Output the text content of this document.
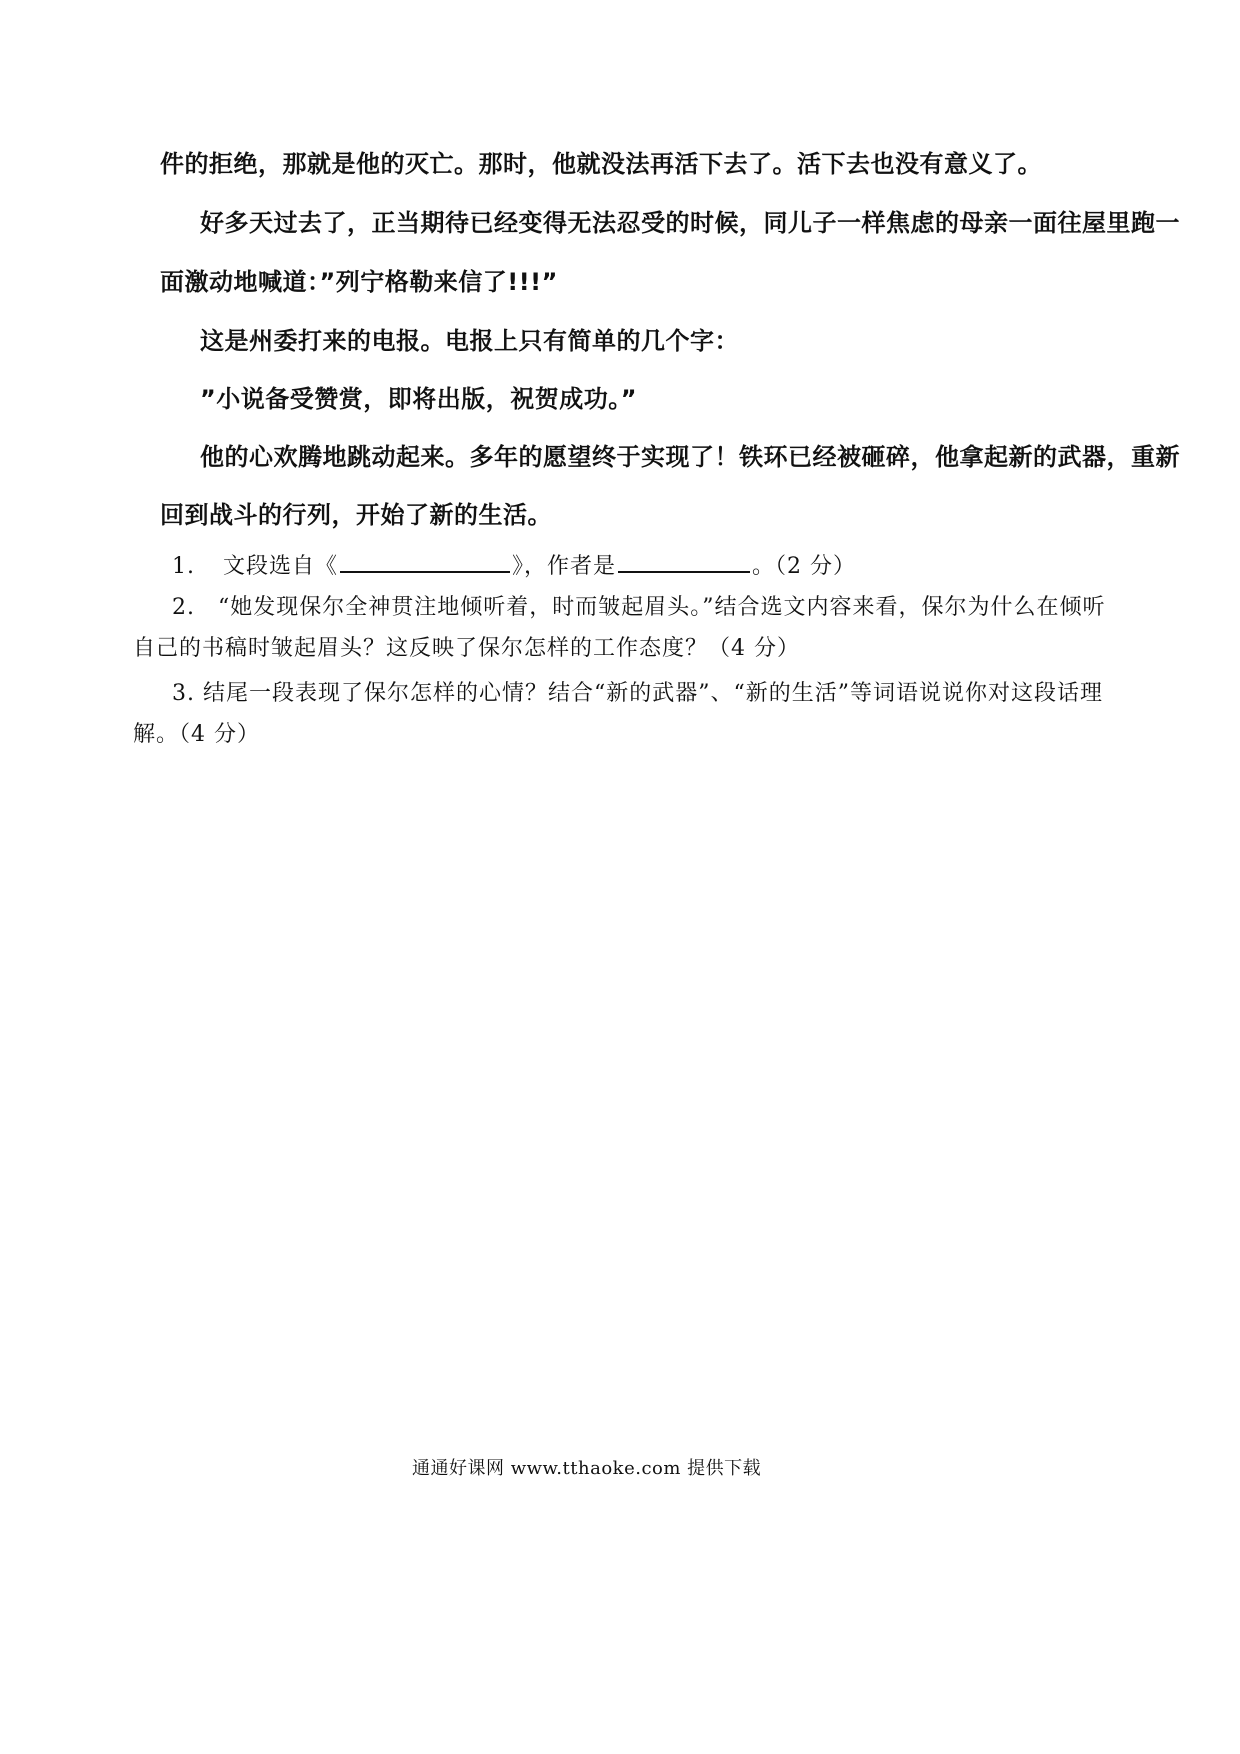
件的拒绝，那就是他的灭亡。那时，他就没法再活下去了。活下去也没有意义了。
好多天过去了，正当期待已经变得无法忍受的时候，同儿子一样焦虑的母亲一面往屋里跑一
面激动地喊道：”列宁格勒来信了!!!”
这是州委打来的电报。电报上只有简单的几个字：
”小说备受赞赏，即将出版，祝贺成功。”
他的心欢腾地跳动起来。多年的愿望终于实现了！铁环已经被砸碎，他拿起新的武器，重新
回到战斗的行列，开始了新的生活。
1. 文段选自《	》，作者是	。（2 分）
2.　“她发现保尔全神贯注地倾听着，时而皱起眉头。”结合选文内容来看，保尔为什么在倾听
自己的书稿时皱起眉头？这反映了保尔怎样的工作态度？（4 分）
3. 结尾一段表现了保尔怎样的心情？结合“新的武器”、“新的生活”等词语说说你对这段话理
解。（4 分）
通通好课网 www.tthaoke.com 提供下载
